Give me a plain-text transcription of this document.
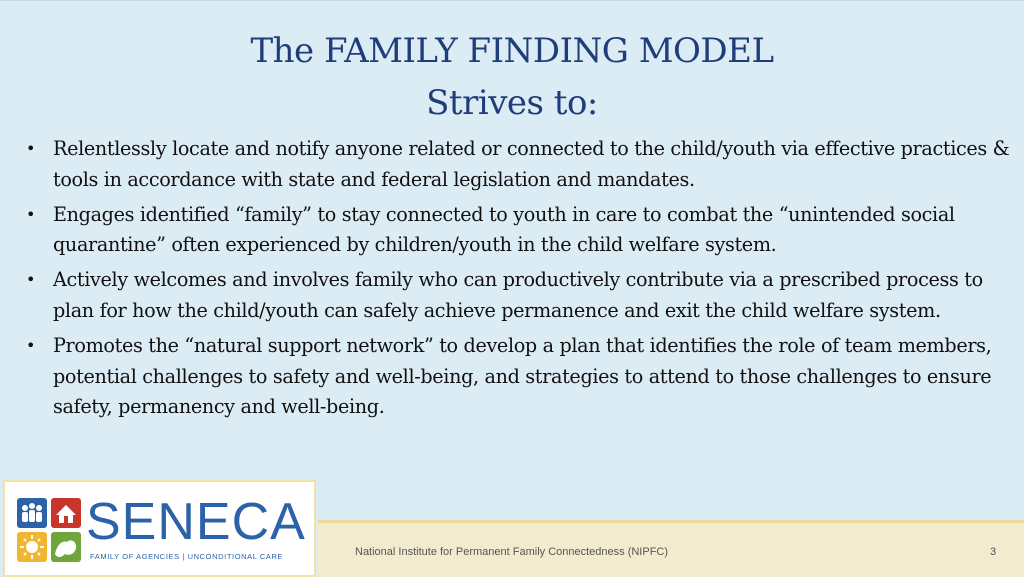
The FAMILY FINDING MODEL
Strives to:
• Relentlessly locate and notify anyone related or connected to the child/youth via effective practices & tools in accordance with state and federal legislation and mandates.
• Engages identified “family” to stay connected to youth in care to combat the “unintended social quarantine” often experienced by children/youth in the child welfare system.
• Actively welcomes and involves family who can productively contribute via a prescribed process to plan for how the child/youth can safely achieve permanence and exit the child welfare system.
• Promotes the “natural support network” to develop a plan that identifies the role of team members, potential challenges to safety and well-being, and strategies to attend to those challenges to ensure safety, permanency and well-being.
National Institute for Permanent Family Connectedness (NIPFC)	3
SENECA
FAMILY OF AGENCIES | UNCONDITIONAL CARE
